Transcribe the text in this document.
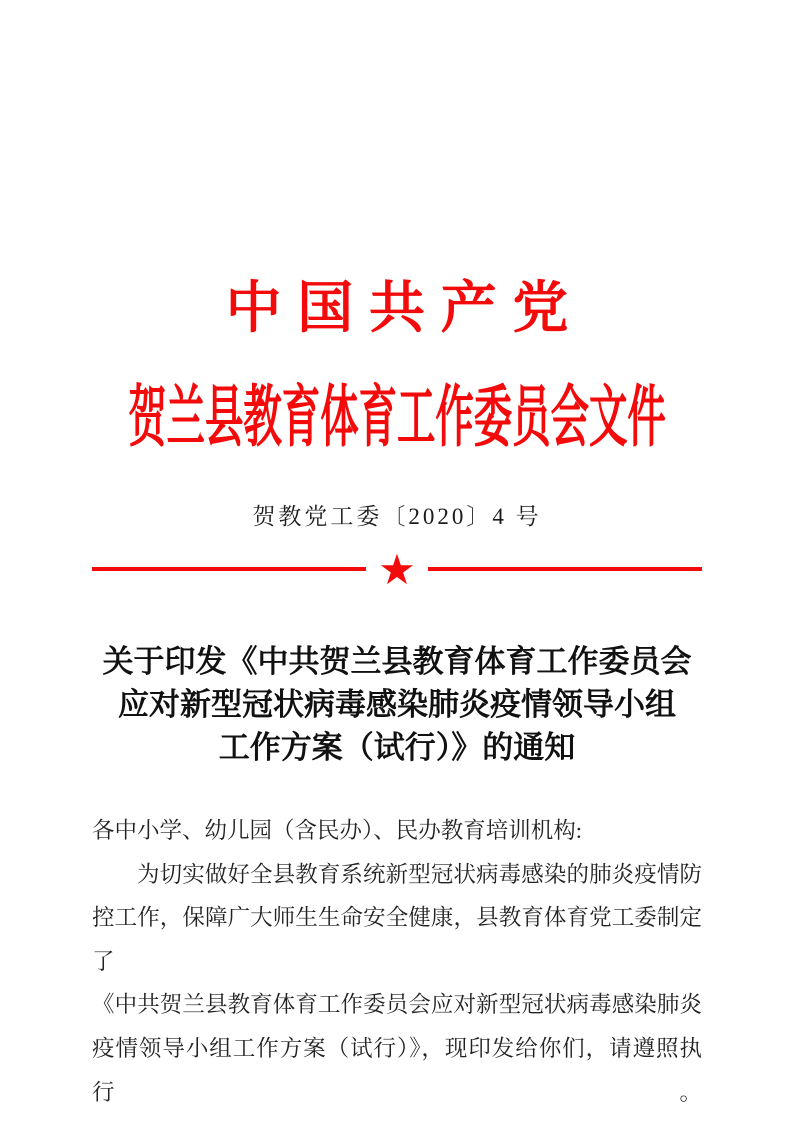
中国共产党
贺兰县教育体育工作委员会文件
贺教党工委〔2020〕4 号
★
关于印发《中共贺兰县教育体育工作委员会
应对新型冠状病毒感染肺炎疫情领导小组
工作方案（试行）》的通知
各中小学、幼儿园（含民办）、民办教育培训机构:
为切实做好全县教育系统新型冠状病毒感染的肺炎疫情防
控工作，保障广大师生生命安全健康，县教育体育党工委制定了
《中共贺兰县教育体育工作委员会应对新型冠状病毒感染肺炎
疫情领导小组工作方案（试行）》，现印发给你们，请遵照执行。
